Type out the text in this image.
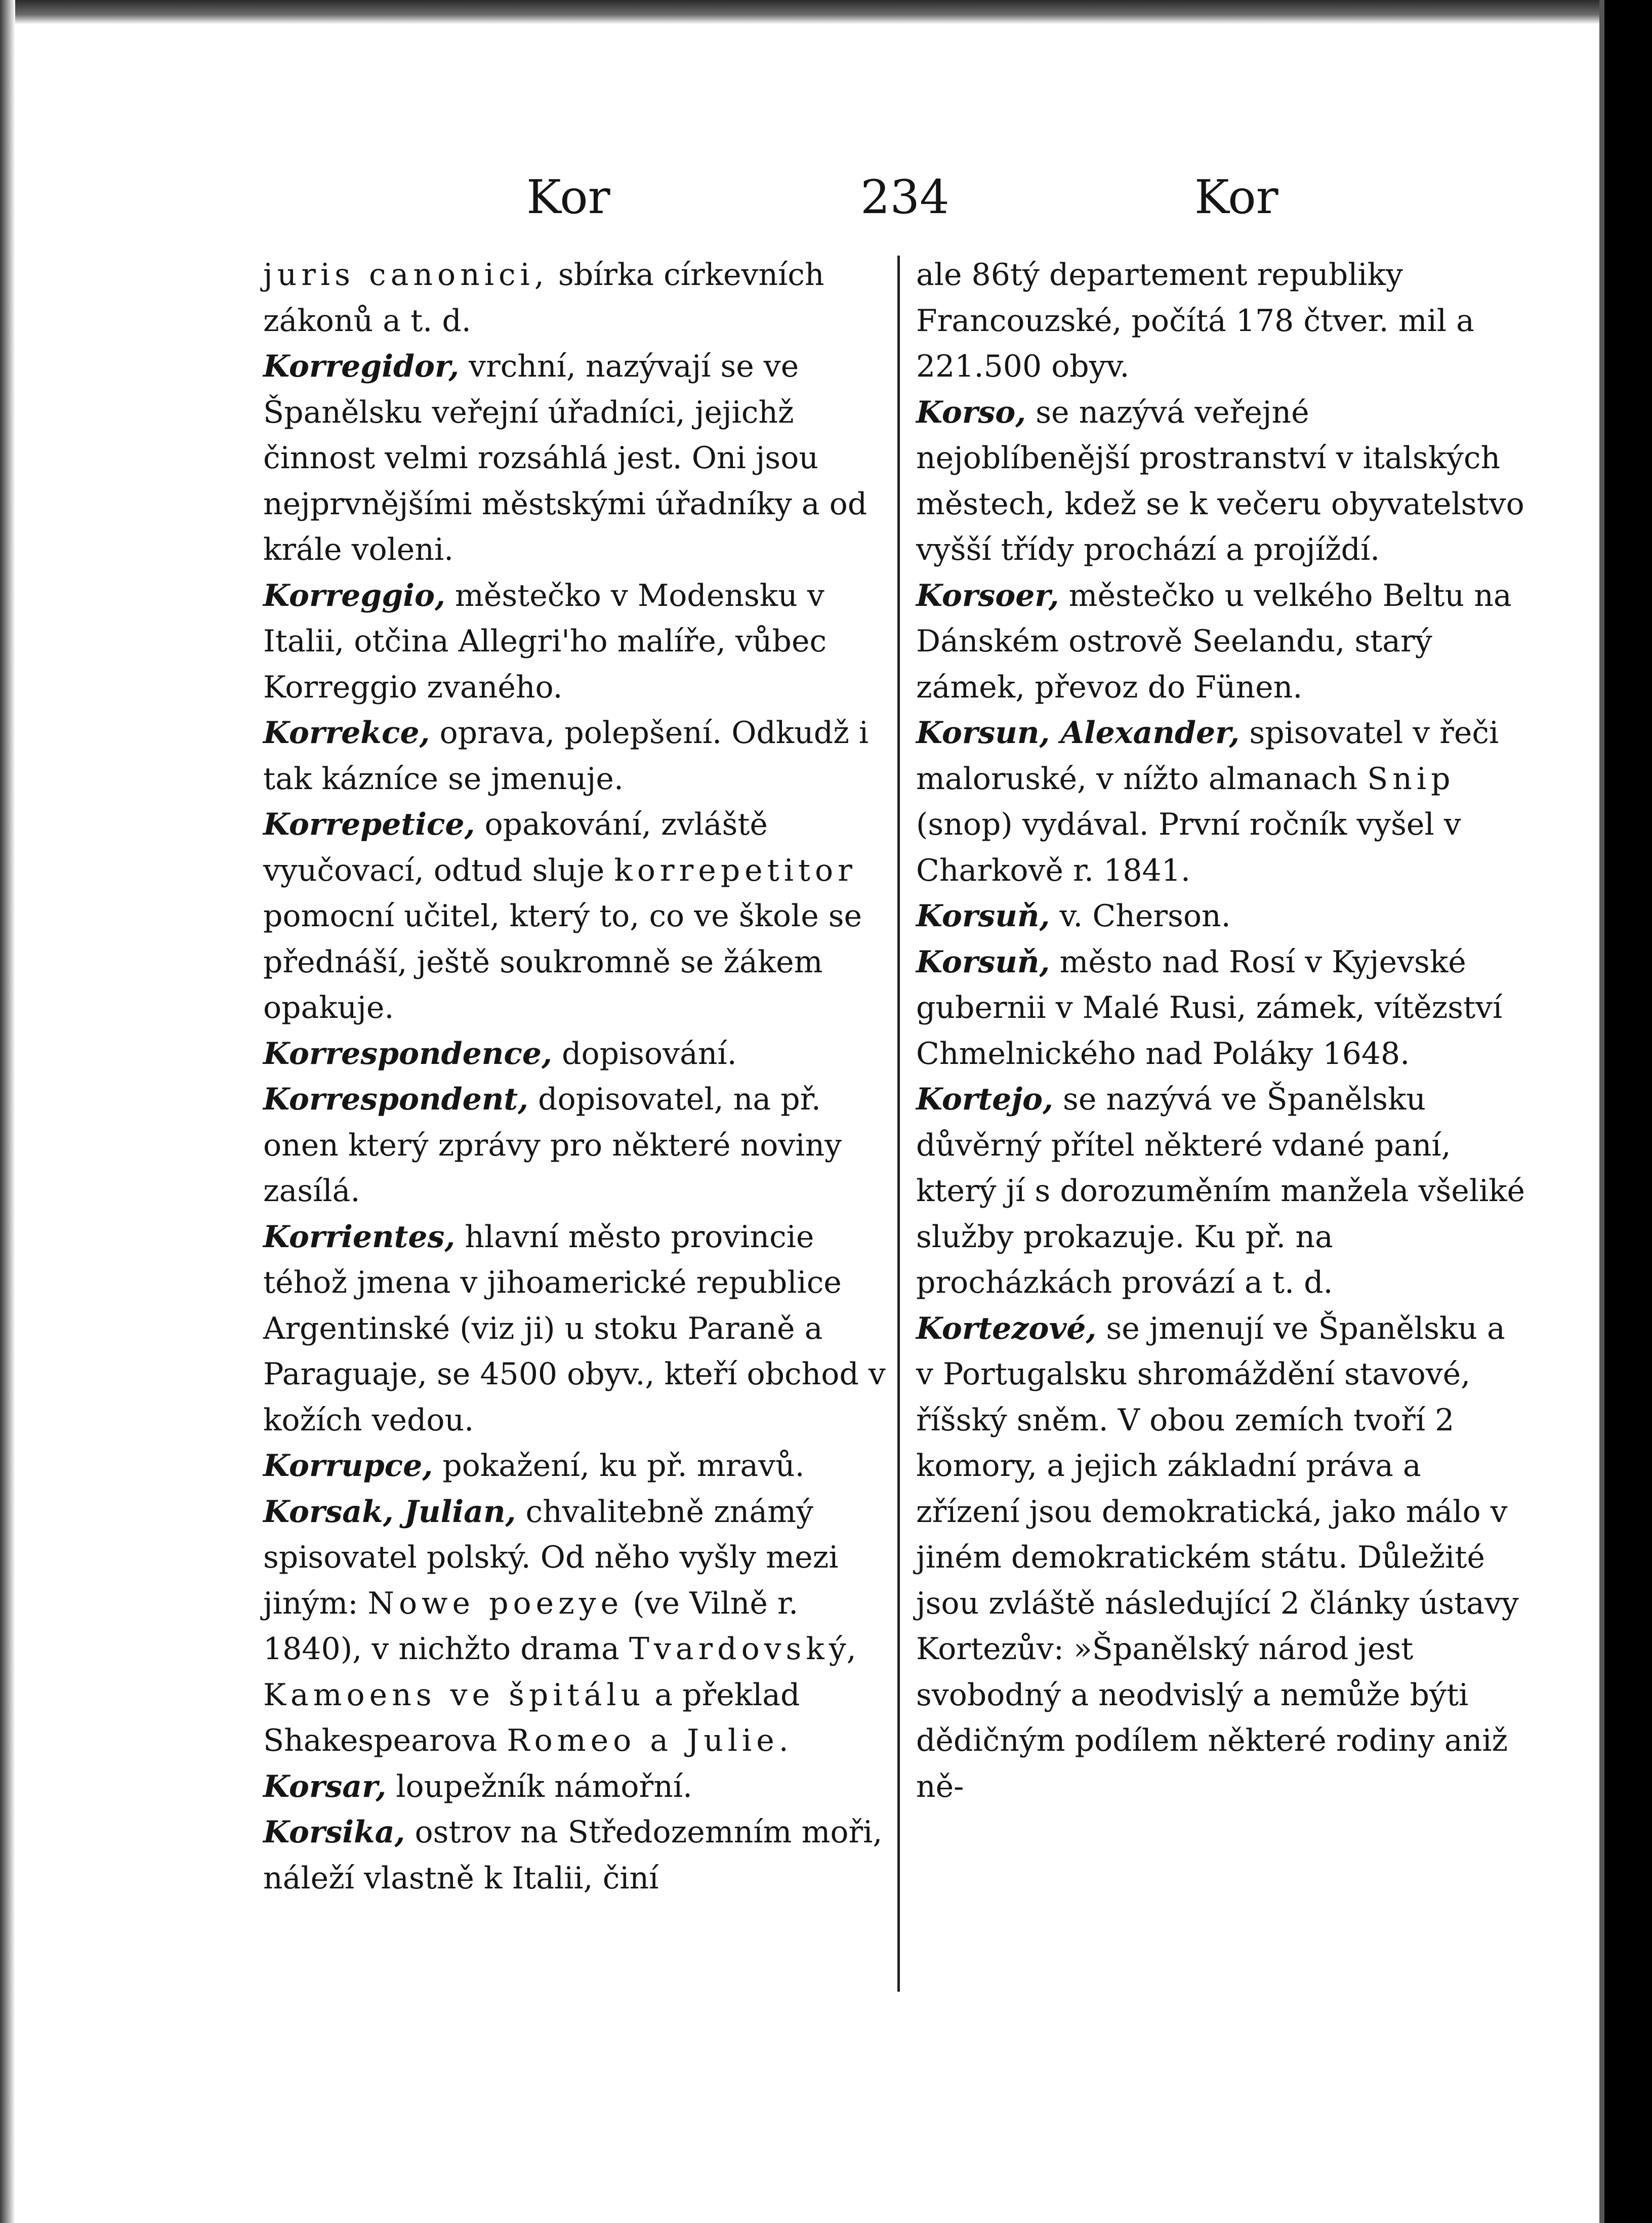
Kor	234	Kor

juris canonici, sbírka církevních zákonů a t. d.

Korregidor, vrchní, nazývají se ve Španělsku veřejní úřadníci, jejichž činnost velmi rozsáhlá jest. Oni jsou nejprvnějšími městskými úřadníky a od krále voleni.

Korreggio, městečko v Modensku v Italii, otčina Allegri'ho malíře, vůbec Korreggio zvaného.

Korrekce, oprava, polepšení. Odkudž i tak kázníce se jmenuje.

Korrepetice, opakování, zvláště vyučovací, odtud sluje korrepetitor pomocní učitel, který to, co ve škole se přednáší, ještě soukromně se žákem opakuje.

Korrespondence, dopisování.

Korrespondent, dopisovatel, na př. onen který zprávy pro některé noviny zasílá.

Korrientes, hlavní město provincie téhož jmena v jihoamerické republice Argentinské (viz ji) u stoku Paraně a Paraguaje, se 4500 obyv., kteří obchod v kožích vedou.

Korrupce, pokažení, ku př. mravů.

Korsak, Julian, chvalitebně známý spisovatel polský. Od něho vyšly mezi jiným: Nowe poezye (ve Vilně r. 1840), v nichžto drama Tvardovský, Kamoens ve špitálu a překlad Shakespearova Romeo a Julie.

Korsar, loupežník námořní.

Korsika, ostrov na Středozemním moři, náleží vlastně k Italii, činí

ale 86tý departement republiky Francouzské, počítá 178 čtver. mil a 221.500 obyv.

Korso, se nazývá veřejné nejoblíbenější prostranství v italských městech, kdež se k večeru obyvatelstvo vyšší třídy prochází a projíždí.

Korsoer, městečko u velkého Beltu na Dánském ostrově Seelandu, starý zámek, převoz do Fünen.

Korsun, Alexander, spisovatel v řeči maloruské, v nížto almanach Snip (snop) vydával. První ročník vyšel v Charkově r. 1841.

Korsuň, v. Cherson.

Korsuň, město nad Rosí v Kyjevské gubernii v Malé Rusi, zámek, vítězství Chmelnického nad Poláky 1648.

Kortejo, se nazývá ve Španělsku důvěrný přítel některé vdané paní, který jí s dorozuměním manžela všeliké služby prokazuje. Ku př. na procházkách provází a t. d.

Kortezové, se jmenují ve Španělsku a v Portugalsku shromáždění stavové, říšský sněm. V obou zemích tvoří 2 komory, a jejich základní práva a zřízení jsou demokratická, jako málo v jiném demokratickém státu. Důležité jsou zvláště následující 2 články ústavy Kortezův: »Španělský národ jest svobodný a neodvislý a nemůže býti dědičným podílem některé rodiny aniž ně-
